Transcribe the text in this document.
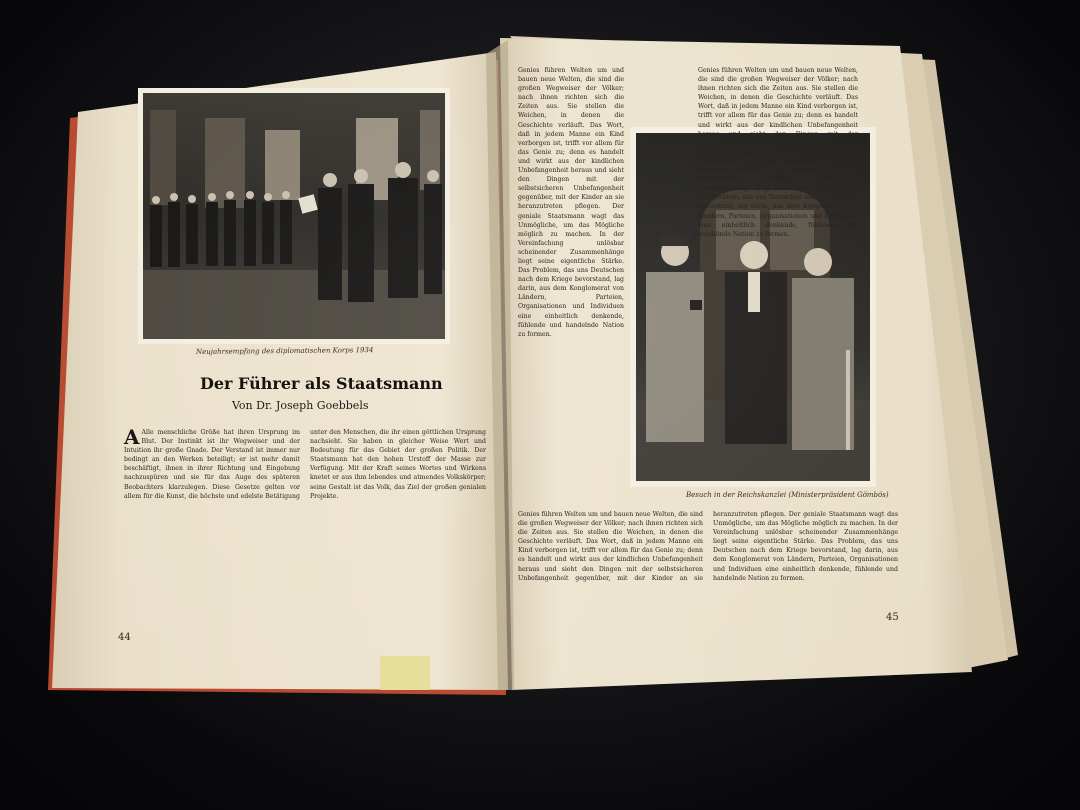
Neujahrsempfang des diplomatischen Korps 1934
Der Führer als Staatsmann
Von Dr. Joseph Goebbels

A Alle menschliche Größe hat ihren Ursprung im Blut. Der Instinkt ist ihr Wegweiser und der Intuition ihr große Gnade. Der Verstand ist immer nur bedingt an den Werken beteiligt; er ist mehr damit beschäftigt, ihnen in ihrer Richtung und Eingebung nachzuspüren und sie für das Auge des späteren Beobachters klarzulegen. Diese Gesetze gelten vor allem für die Kunst, die höchste und edelste Betätigung unter den Menschen, die ihr einen göttlichen Ursprung nachsieht. Sie haben in gleicher Weise Wert und Bedeutung für das Gebiet der großen Politik. Der Staatsmann hat den hohen Urstoff der Masse zur Verfügung. Mit der Kraft seines Wortes und Wirkens knetet er aus ihm lebendes und atmendes Volkskörper; seine Gestalt ist das Volk, das Ziel der großen genialen Projekte.

44

Genies führen Welten um und bauen neue Welten, die sind die großen Wegweiser der Völker; nach ihnen richten sich die Zeiten aus. Sie stellen die Weichen, in denen die Geschichte verläuft. Das Wort, daß in jedem Manne ein Kind verborgen ist, trifft vor allem für das Genie zu; denn es handelt und wirkt aus der kindlichen Unbefangenheit heraus und sieht den Dingen mit der selbstsicheren Unbefangenheit gegenüber, mit der Kinder an sie heranzutreten pflegen. Der geniale Staatsmann wagt das Unmögliche, um das Mögliche möglich zu machen. In der Vereinfachung unlösbar scheinender Zusammenhänge liegt seine eigentliche Stärke. Das Problem, das uns Deutschen nach dem Kriege bevorstand, lag darin, aus dem Konglomerat von Ländern, Parteien, Organisationen und Individuen eine einheitlich denkende, fühlende und handelnde Nation zu formen.

Genies führen Welten um und bauen neue Welten, die sind die großen Wegweiser der Völker; nach ihnen richten sich die Zeiten aus. Sie stellen die Weichen, in denen die Geschichte verläuft. Das Wort, daß in jedem Manne ein Kind verborgen ist, trifft vor allem für das Genie zu; denn es handelt und wirkt aus der kindlichen Unbefangenheit heraus und sieht den Dingen mit der selbstsicheren Unbefangenheit gegenüber, mit der Kinder an sie heranzutreten pflegen. Der geniale Staatsmann wagt das Unmögliche, um das Mögliche möglich zu machen. In der Vereinfachung unlösbar scheinender Zusammenhänge liegt seine eigentliche Stärke. Das Problem, das uns Deutschen nach dem Kriege bevorstand, lag darin, aus dem Konglomerat von Ländern, Parteien, Organisationen und Individuen eine einheitlich denkende, fühlende und handelnde Nation zu formen.

Besuch in der Reichskanzlei (Ministerpräsident Gömbös)

Genies führen Welten um und bauen neue Welten, die sind die großen Wegweiser der Völker; nach ihnen richten sich die Zeiten aus. Sie stellen die Weichen, in denen die Geschichte verläuft. Das Wort, daß in jedem Manne ein Kind verborgen ist, trifft vor allem für das Genie zu; denn es handelt und wirkt aus der kindlichen Unbefangenheit heraus und sieht den Dingen mit der selbstsicheren Unbefangenheit gegenüber, mit der Kinder an sie heranzutreten pflegen. Der geniale Staatsmann wagt das Unmögliche, um das Mögliche möglich zu machen. In der Vereinfachung unlösbar scheinender Zusammenhänge liegt seine eigentliche Stärke. Das Problem, das uns Deutschen nach dem Kriege bevorstand, lag darin, aus dem Konglomerat von Ländern, Parteien, Organisationen und Individuen eine einheitlich denkende, fühlende und handelnde Nation zu formen.

45
